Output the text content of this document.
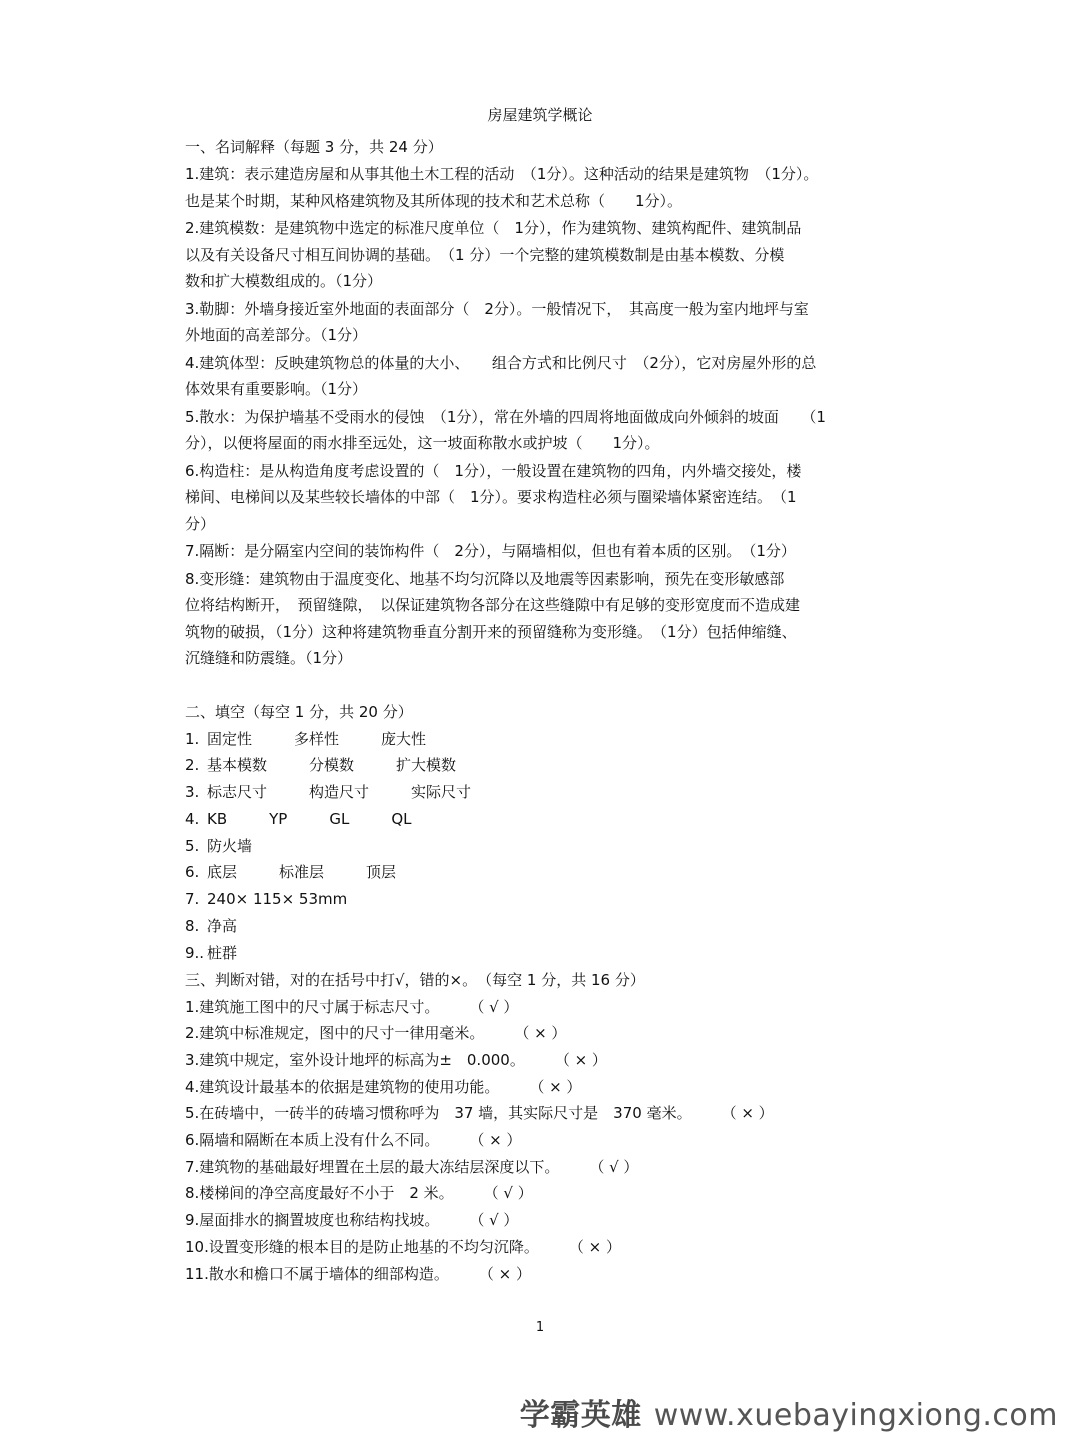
房屋建筑学概论
一、名词解释（每题 3 分，共 24 分）
1.建筑：表示建造房屋和从事其他土木工程的活动　（1分）。这种活动的结果是建筑物　（1分）。
也是某个时期，某种风格建筑物及其所体现的技术和艺术总称（　　1分）。
2.建筑模数：是建筑物中选定的标准尺度单位（　1分），作为建筑物、建筑构配件、建筑制品
以及有关设备尺寸相互间协调的基础。　（1 分）一个完整的建筑模数制是由基本模数、分模
数和扩大模数组成的。（1分）
3.勒脚：外墙身接近室外地面的表面部分（　2分）。一般情况下，　其高度一般为室内地坪与室
外地面的高差部分。（1分）
4.建筑体型：反映建筑物总的体量的大小、　　组合方式和比例尺寸　（2分），它对房屋外形的总
体效果有重要影响。（1分）
5.散水：为保护墙基不受雨水的侵蚀　（1分），常在外墙的四周将地面做成向外倾斜的坡面　　（1
分），以便将屋面的雨水排至远处，这一坡面称散水或护坡（　　1分）。
6.构造柱：是从构造角度考虑设置的（　1分），一般设置在建筑物的四角，内外墙交接处，楼
梯间、电梯间以及某些较长墙体的中部（　1分）。要求构造柱必须与圈梁墙体紧密连结。　（1
分）
7.隔断：是分隔室内空间的装饰构件（　2分），与隔墙相似，但也有着本质的区别。　（1分）
8.变形缝：建筑物由于温度变化、地基不均匀沉降以及地震等因素影响，预先在变形敏感部
位将结构断开，　预留缝隙，　以保证建筑物各部分在这些缝隙中有足够的变形宽度而不造成建
筑物的破损，（1分）这种将建筑物垂直分割开来的预留缝称为变形缝。　（1分）包括伸缩缝、
沉缝缝和防震缝。（1分）
二、填空（每空 1 分，共 20 分）
1. 固定性	多样性	庞大性
2. 基本模数	分模数	扩大模数
3. 标志尺寸	构造尺寸	实际尺寸
4. KB	YP	GL	QL
5. 防火墙
6. 底层	标准层	顶层
7. 240× 115× 53mm
8. 净高
9.. 桩群
三、判断对错，对的在括号中打√，错的×。　（每空 1 分，共 16 分）
1.建筑施工图中的尺寸属于标志尺寸。 （ √ ）
2.建筑中标准规定，图中的尺寸一律用毫米。 （ × ）
3.建筑中规定，室外设计地坪的标高为±　0.000。 （ × ）
4.建筑设计最基本的依据是建筑物的使用功能。 （ × ）
5.在砖墙中，一砖半的砖墙习惯称呼为　37 墙，其实际尺寸是　370 毫米。 （ × ）
6.隔墙和隔断在本质上没有什么不同。 （ × ）
7.建筑物的基础最好埋置在土层的最大冻结层深度以下。 （ √ ）
8.楼梯间的净空高度最好不小于　2 米。 （ √ ）
9.屋面排水的搁置坡度也称结构找坡。 （ √ ）
10.设置变形缝的根本目的是防止地基的不均匀沉降。 （ × ）
11.散水和檐口不属于墙体的细部构造。 （ × ）
1
学霸英雄 www.xuebayingxiong.com
